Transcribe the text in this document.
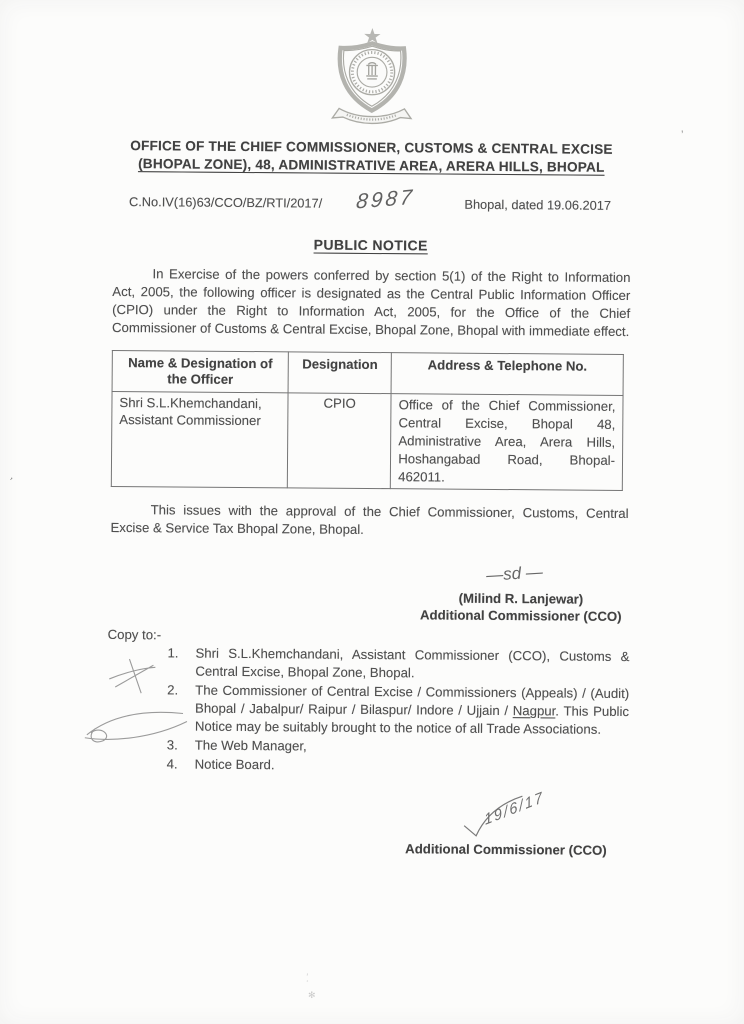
OFFICE OF THE CHIEF COMMISSIONER, CUSTOMS & CENTRAL EXCISE
(BHOPAL ZONE), 48, ADMINISTRATIVE AREA, ARERA HILLS, BHOPAL
C.No.IV(16)63/CCO/BZ/RTI/2017/ 8987	Bhopal, dated 19.06.2017
PUBLIC NOTICE

In Exercise of the powers conferred by section 5(1) of the Right to Information Act, 2005, the following officer is designated as the Central Public Information Officer (CPIO) under the Right to Information Act, 2005, for the Office of the Chief Commissioner of Customs & Central Excise, Bhopal Zone, Bhopal with immediate effect.

Name & Designation of the Officer	Designation	Address & Telephone No.
Shri S.L.Khemchandani, Assistant Commissioner	CPIO	Office of the Chief Commissioner, Central Excise, Bhopal 48, Administrative Area, Arera Hills, Hoshangabad Road, Bhopal-462011.

This issues with the approval of the Chief Commissioner, Customs, Central Excise & Service Tax Bhopal Zone, Bhopal.

—sd —
(Milind R. Lanjewar)
Additional Commissioner (CCO)
Copy to:-
1.	Shri S.L.Khemchandani, Assistant Commissioner (CCO), Customs & Central Excise, Bhopal Zone, Bhopal.
2.	The Commissioner of Central Excise / Commissioners (Appeals) / (Audit) Bhopal / Jabalpur/ Raipur / Bilaspur/ Indore / Ujjain / Nagpur. This Public Notice may be suitably brought to the notice of all Trade Associations.
3.	The Web Manager,
4.	Notice Board.
19/6/17
Additional Commissioner (CCO)
’
’
’͕
✻
